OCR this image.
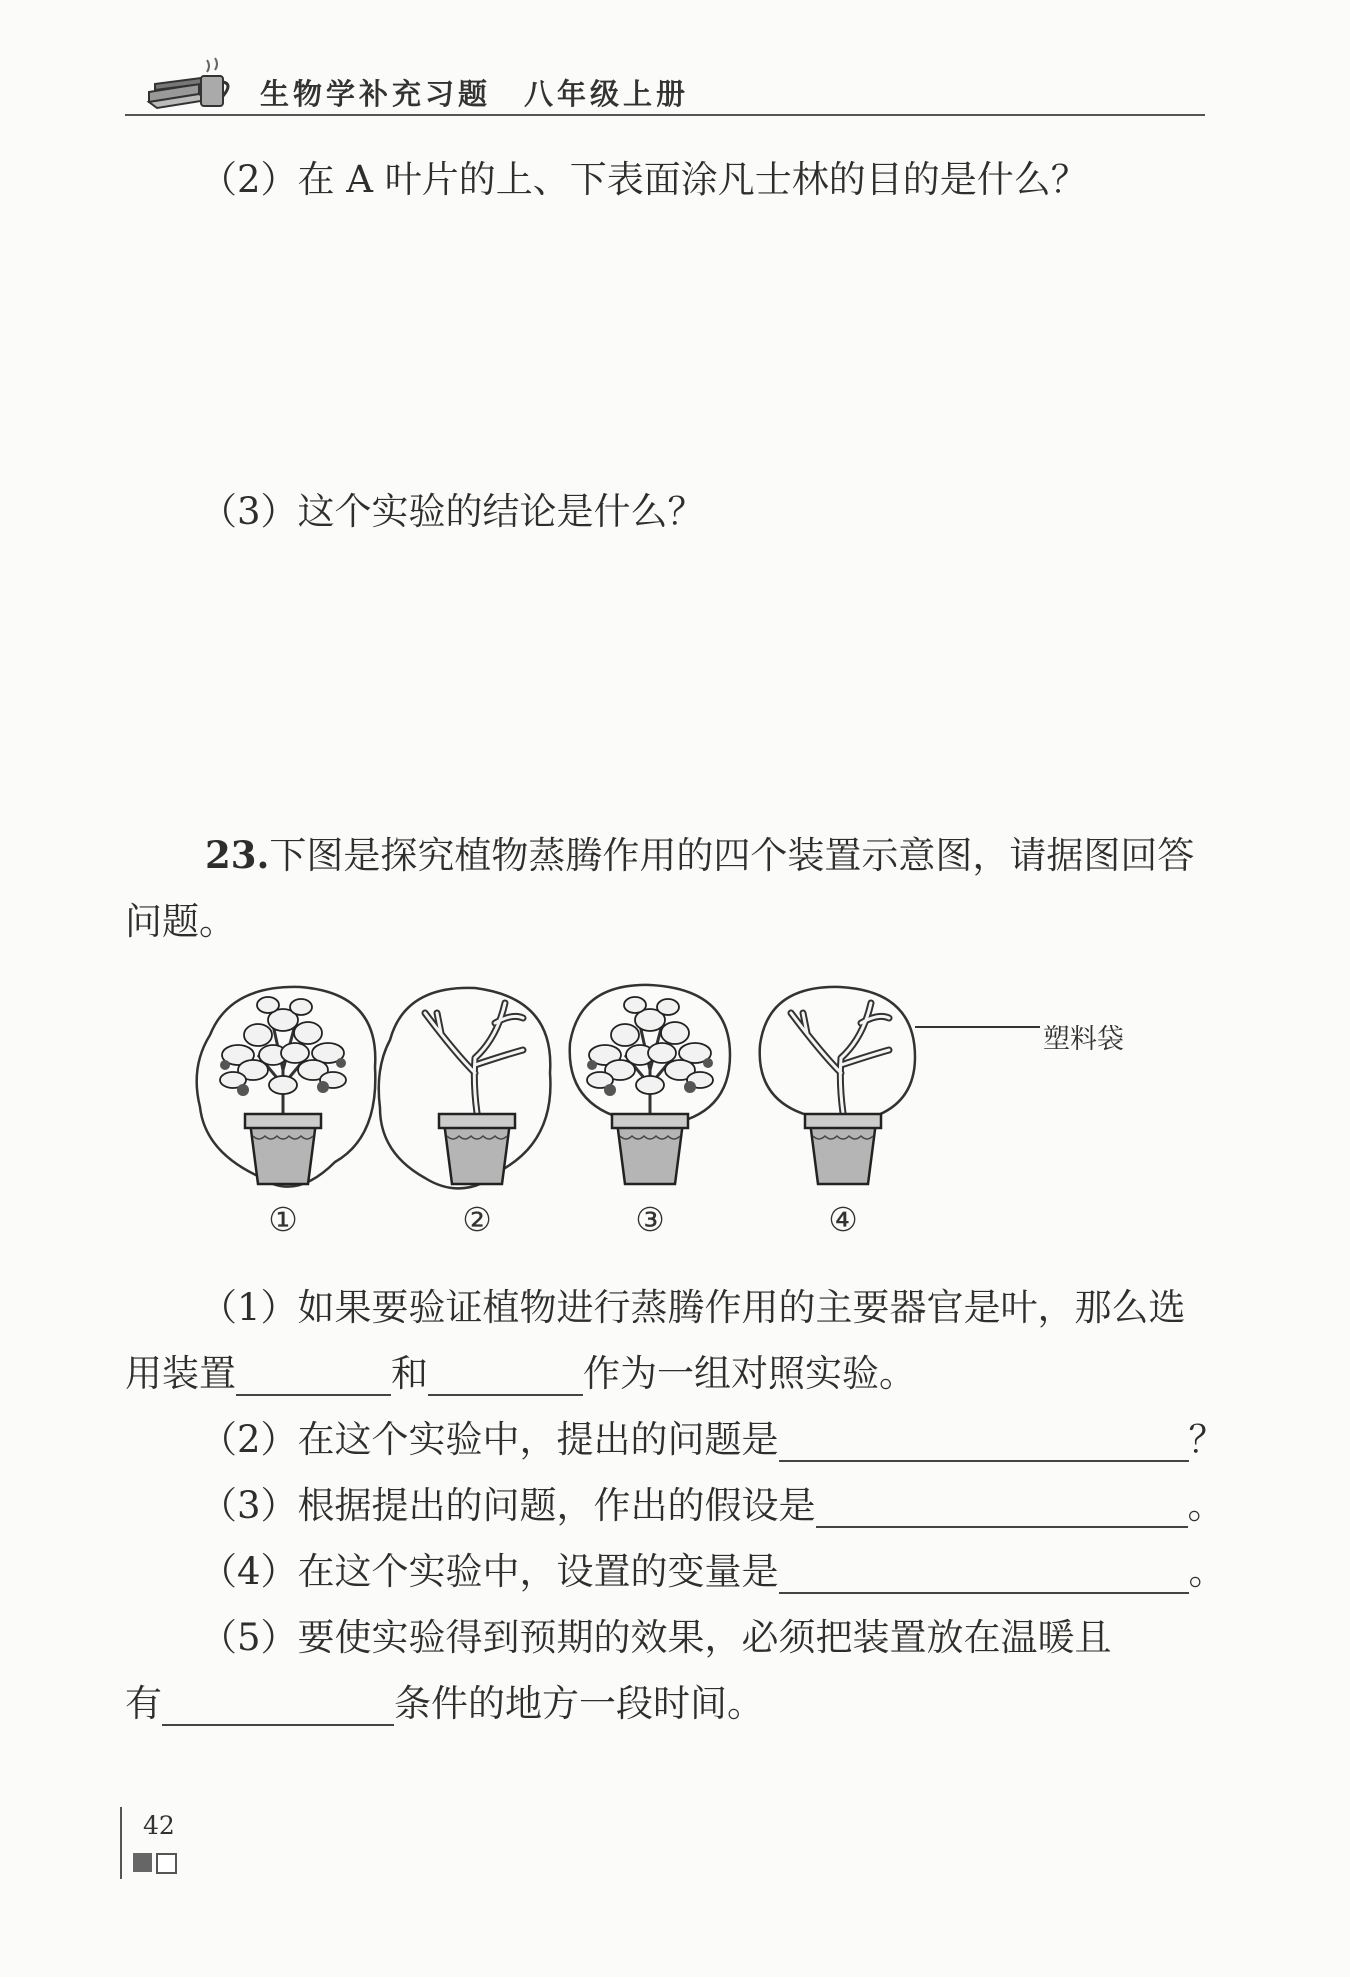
生物学补充习题　八年级上册
（2）在 A 叶片的上、下表面涂凡士林的目的是什么？
（3）这个实验的结论是什么？
23.下图是探究植物蒸腾作用的四个装置示意图，请据图回答问题。
塑料袋
①	②	③	④
（1）如果要验证植物进行蒸腾作用的主要器官是叶，那么选
用装置	和	作为一组对照实验。
（2）在这个实验中，提出的问题是	？
（3）根据提出的问题，作出的假设是	。
（4）在这个实验中，设置的变量是	。
（5）要使实验得到预期的效果，必须把装置放在温暖且
有	条件的地方一段时间。
42
